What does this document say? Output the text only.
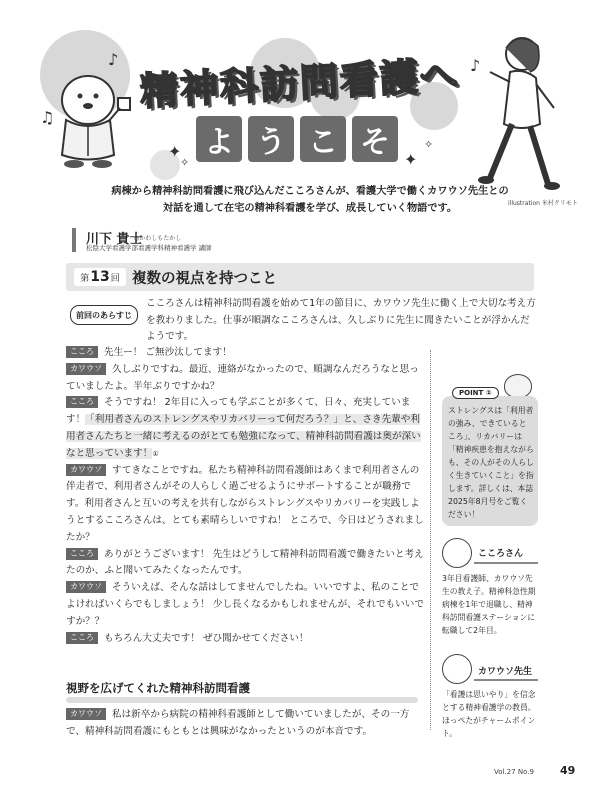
♪
♫
♪
精神科訪問看護へ
よ う こ そ
✦
✧	✦
✧
病棟から精神科訪問看護に飛び込んだこころさんが、看護大学で働くカワウソ先生との
対話を通して在宅の精神科看護を学び、成長していく物語です。	illustration 米村クリモト
川下 貴士
◎かわしもたかし
松陰大学看護学部看護学科精神看護学 講師
第 13 回 複数の視点を持つこと
前回のあらすじ
こころさんは精神科訪問看護を始めて1年の節目に、カワウソ先生に働く上で大切な考え方を教わりました。仕事が順調なこころさんは、久しぶりに先生に聞きたいことが浮かんだようです。

こころ 先生ー！ ご無沙汰してます！

カワウソ 久しぶりですね。最近、連絡がなかったので、順調なんだろうなと思っていましたよ。半年ぶりですかね？

こころ そうですね！ 2年目に入っても学ぶことが多くて、日々、充実しています！「利用者さんのストレングスやリカバリーって何だろう？」と、さき先輩や利用者さんたちと一緒に考えるのがとても勉強になって、精神科訪問看護は奥が深いなと思っています！①

カワウソ すてきなことですね。私たち精神科訪問看護師はあくまで利用者さんの伴走者で、利用者さんがその人らしく過ごせるようにサポートすることが職務です。利用者さんと互いの考えを共有しながらストレングスやリカバリーを実践しようとするこころさんは、とても素晴らしいですね！ ところで、今日はどうされましたか？

こころ ありがとうございます！ 先生はどうして精神科訪問看護で働きたいと考えたのか、ふと聞いてみたくなったんです。

カワウソ そういえば、そんな話はしてませんでしたね。いいですよ、私のことでよければいくらでもしましょう！ 少し長くなるかもしれませんが、それでもいいですか？？

こころ もちろん大丈夫です！ ぜひ聞かせてください！

視野を広げてくれた精神科訪問看護
カワウソ 私は新卒から病院の精神科看護師として働いていましたが、その一方で、精神科訪問看護にもともとは興味がなかったというのが本音です。
POINT ①
ストレングスは「利用者の強み、できているところ」、リカバリーは「精神疾患を抱えながらも、その人がその人らしく生きていくこと」を指します。詳しくは、本誌2025年8月号をご覧ください！
こころさん
3年目看護師、カワウソ先生の教え子。精神科急性期病棟を1年で退職し、精神科訪問看護ステーションに転職して2年目。
カワウソ先生
「看護は思いやり」を信念とする精神看護学の教員。ほっぺたがチャームポイント。
Vol.27 No.9 49
